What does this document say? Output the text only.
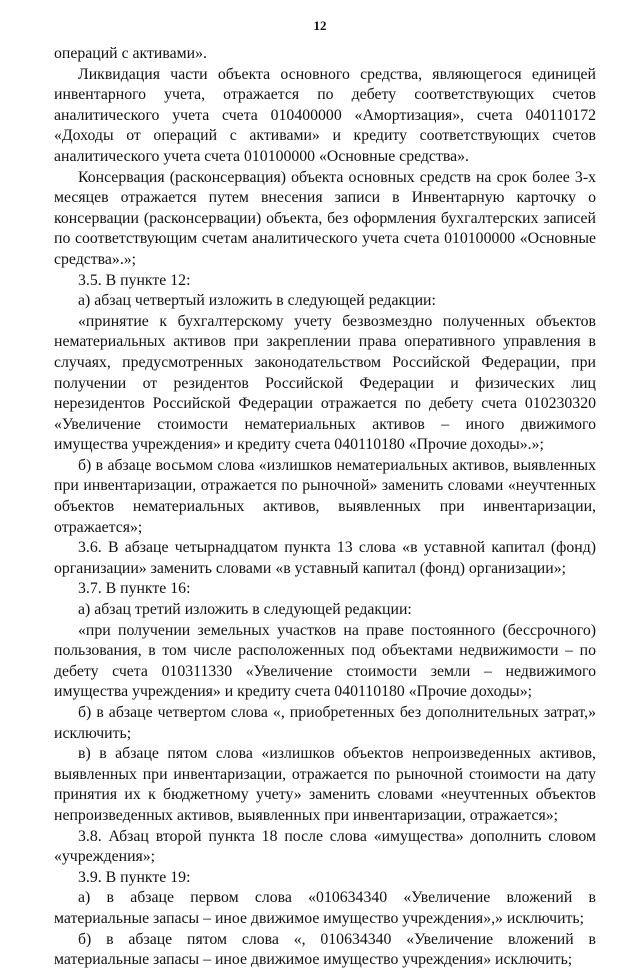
12

операций с активами».

Ликвидация части объекта основного средства, являющегося единицей инвентарного учета, отражается по дебету соответствующих счетов аналитического учета счета 010400000 «Амортизация», счета 040110172 «Доходы от операций с активами» и кредиту соответствующих счетов аналитического учета счета 010100000 «Основные средства».

Консервация (расконсервация) объекта основных средств на срок более 3-х месяцев отражается путем внесения записи в Инвентарную карточку о консервации (расконсервации) объекта, без оформления бухгалтерских записей по соответствующим счетам аналитического учета счета 010100000 «Основные средства».»;

3.5. В пункте 12:

а) абзац четвертый изложить в следующей редакции:

«принятие к бухгалтерскому учету безвозмездно полученных объектов нематериальных активов при закреплении права оперативного управления в случаях, предусмотренных законодательством Российской Федерации, при получении от резидентов Российской Федерации и физических лиц нерезидентов Российской Федерации отражается по дебету счета 010230320 «Увеличение стоимости нематериальных активов – иного движимого имущества учреждения» и кредиту счета 040110180 «Прочие доходы».»;

б) в абзаце восьмом слова «излишков нематериальных активов, выявленных при инвентаризации, отражается по рыночной» заменить словами «неучтенных объектов нематериальных активов, выявленных при инвентаризации, отражается»;

3.6. В абзаце четырнадцатом пункта 13 слова «в уставной капитал (фонд) организации» заменить словами «в уставный капитал (фонд) организации»;

3.7. В пункте 16:

а) абзац третий изложить в следующей редакции:

«при получении земельных участков на праве постоянного (бессрочного) пользования, в том числе расположенных под объектами недвижимости – по дебету счета 010311330 «Увеличение стоимости земли – недвижимого имущества учреждения» и кредиту счета 040110180 «Прочие доходы»;

б) в абзаце четвертом слова «, приобретенных без дополнительных затрат,» исключить;

в) в абзаце пятом слова «излишков объектов непроизведенных активов, выявленных при инвентаризации, отражается по рыночной стоимости на дату принятия их к бюджетному учету» заменить словами «неучтенных объектов непроизведенных активов, выявленных при инвентаризации, отражается»;

3.8. Абзац второй пункта 18 после слова «имущества» дополнить словом «учреждения»;

3.9. В пункте 19:

а) в абзаце первом слова «010634340 «Увеличение вложений в материальные запасы – иное движимое имущество учреждения»,» исключить;

б) в абзаце пятом слова «, 010634340 «Увеличение вложений в материальные запасы – иное движимое имущество учреждения» исключить;
